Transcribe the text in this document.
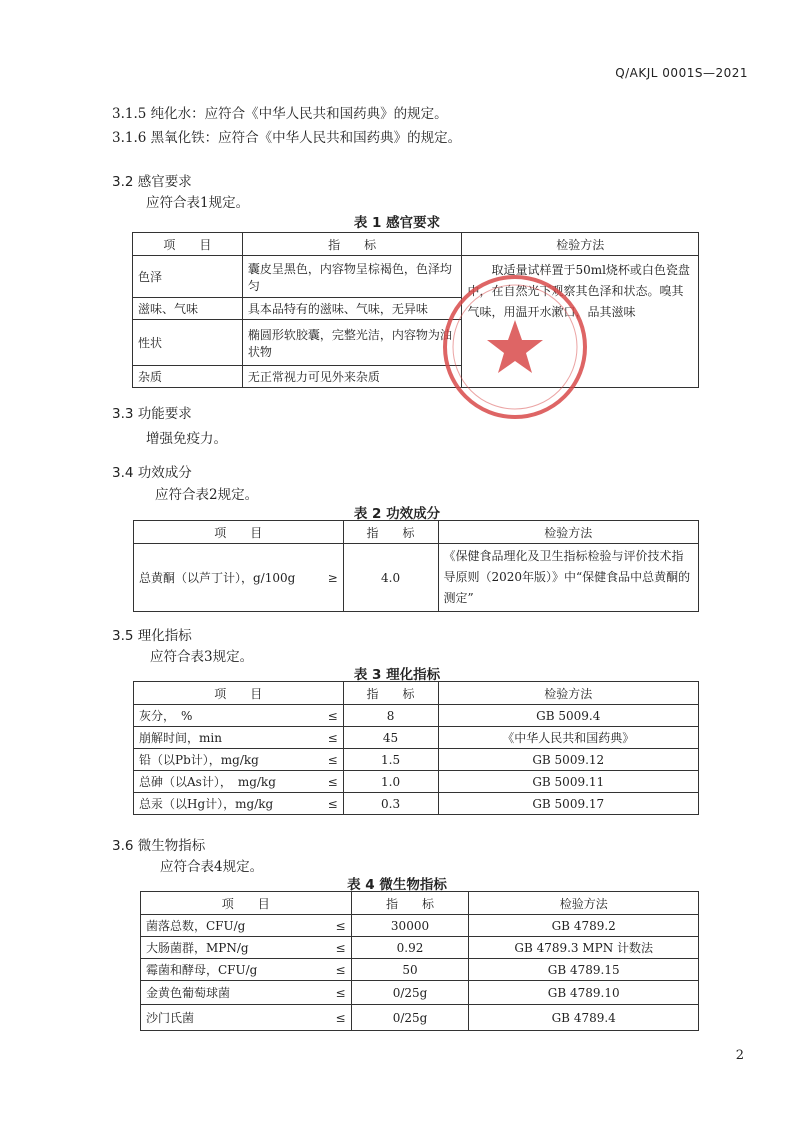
Q/AKJL 0001S—2021
3.1.5 纯化水：应符合《中华人民共和国药典》的规定。
3.1.6 黑氧化铁：应符合《中华人民共和国药典》的规定。
3.2 感官要求
应符合表1规定。
表 1 感官要求
项　　目	指　　标	检验方法
色泽	囊皮呈黑色，内容物呈棕褐色，色泽均匀	取适量试样置于50ml烧杯或白色瓷盘中，在自然光下观察其色泽和状态。嗅其气味，用温开水漱口，品其滋味
滋味、气味	具本品特有的滋味、气味，无异味	
性状	椭圆形软胶囊，完整光洁，内容物为油状物	
杂质	无正常视力可见外来杂质	
3.3 功能要求
增强免疫力。
3.4 功效成分
应符合表2规定。
表 2 功效成分
项　　目		指　　标	检验方法
总黄酮（以芦丁计），g/100g	≥	4.0	《保健食品理化及卫生指标检验与评价技术指导原则（2020年版）》中“保健食品中总黄酮的测定”
3.5 理化指标
应符合表3规定。
表 3 理化指标
项　　目		指　　标	检验方法
灰分，　%	≤	8	GB 5009.4
崩解时间，min	≤	45	《中华人民共和国药典》
铅（以Pb计），mg/kg	≤	1.5	GB 5009.12
总砷（以As计），　mg/kg	≤	1.0	GB 5009.11
总汞（以Hg计），mg/kg	≤	0.3	GB 5009.17
3.6 微生物指标
应符合表4规定。
表 4 微生物指标
项　　目		指　　标	检验方法
菌落总数，CFU/g	≤	30000	GB 4789.2
大肠菌群，MPN/g	≤	0.92	GB 4789.3 MPN 计数法
霉菌和酵母，CFU/g	≤	50	GB 4789.15
金黄色葡萄球菌	≤	0/25g	GB 4789.10
沙门氏菌	≤	0/25g	GB 4789.4
2
